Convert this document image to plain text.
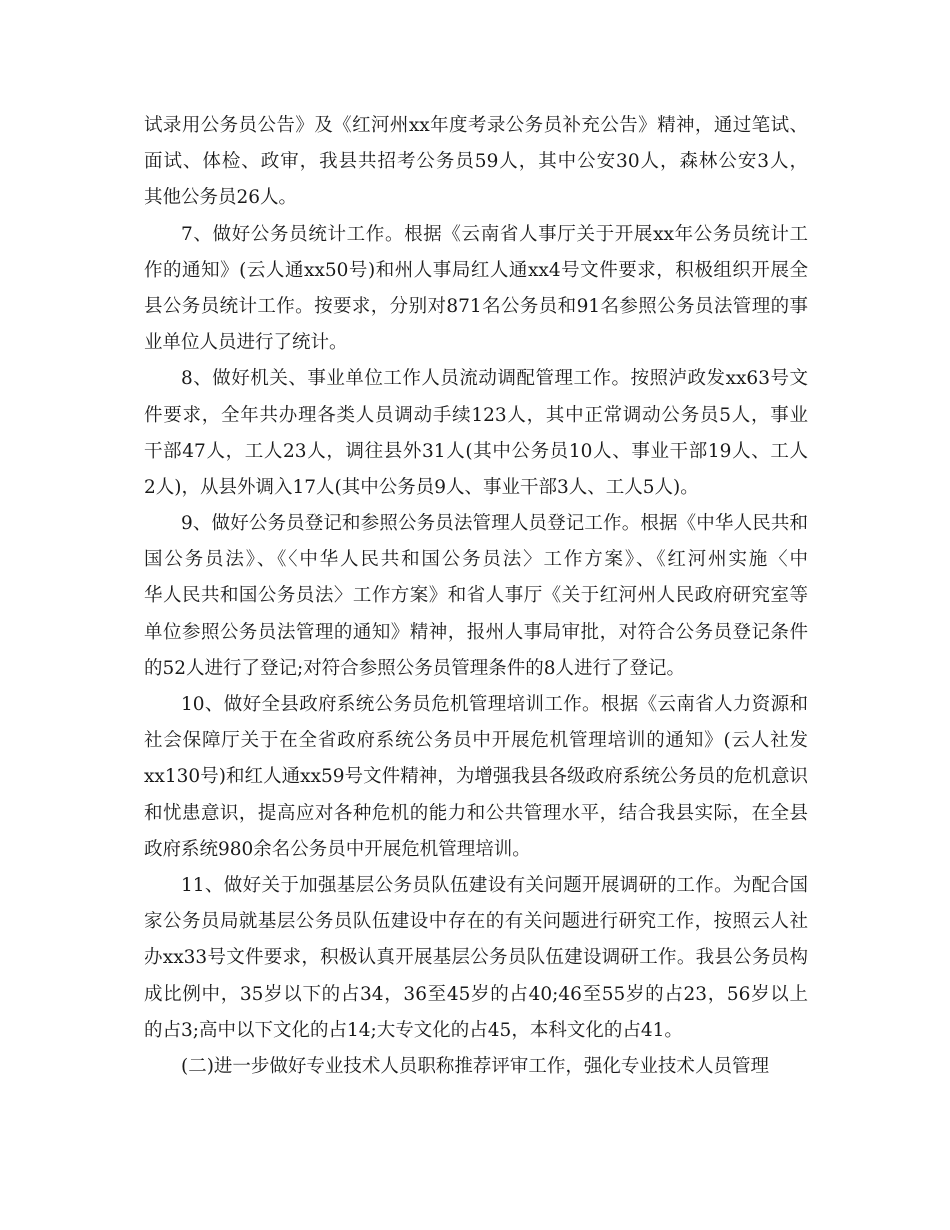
试录用公务员公告》及《红河州xx年度考录公务员补充公告》精神，通过笔试、
面试、体检、政审，我县共招考公务员59人，其中公安30人，森林公安3人，
其他公务员26人。
7、做好公务员统计工作。根据《云南省人事厅关于开展xx年公务员统计工
作的通知》(云人通xx50号)和州人事局红人通xx4号文件要求，积极组织开展全
县公务员统计工作。按要求，分别对871名公务员和91名参照公务员法管理的事
业单位人员进行了统计。
8、做好机关、事业单位工作人员流动调配管理工作。按照泸政发xx63号文
件要求，全年共办理各类人员调动手续123人，其中正常调动公务员5人，事业
干部47人，工人23人，调往县外31人(其中公务员10人、事业干部19人、工人
2人)，从县外调入17人(其中公务员9人、事业干部3人、工人5人)。
9、做好公务员登记和参照公务员法管理人员登记工作。根据《中华人民共和
国公务员法》、《〈中华人民共和国公务员法〉工作方案》、《红河州实施〈中
华人民共和国公务员法〉工作方案》和省人事厅《关于红河州人民政府研究室等
单位参照公务员法管理的通知》精神，报州人事局审批，对符合公务员登记条件
的52人进行了登记;对符合参照公务员管理条件的8人进行了登记。
10、做好全县政府系统公务员危机管理培训工作。根据《云南省人力资源和
社会保障厅关于在全省政府系统公务员中开展危机管理培训的通知》(云人社发
xx130号)和红人通xx59号文件精神，为增强我县各级政府系统公务员的危机意识
和忧患意识，提高应对各种危机的能力和公共管理水平，结合我县实际，在全县
政府系统980余名公务员中开展危机管理培训。
11、做好关于加强基层公务员队伍建设有关问题开展调研的工作。为配合国
家公务员局就基层公务员队伍建设中存在的有关问题进行研究工作，按照云人社
办xx33号文件要求，积极认真开展基层公务员队伍建设调研工作。我县公务员构
成比例中，35岁以下的占34，36至45岁的占40;46至55岁的占23，56岁以上
的占3;高中以下文化的占14;大专文化的占45，本科文化的占41。
(二)进一步做好专业技术人员职称推荐评审工作，强化专业技术人员管理
